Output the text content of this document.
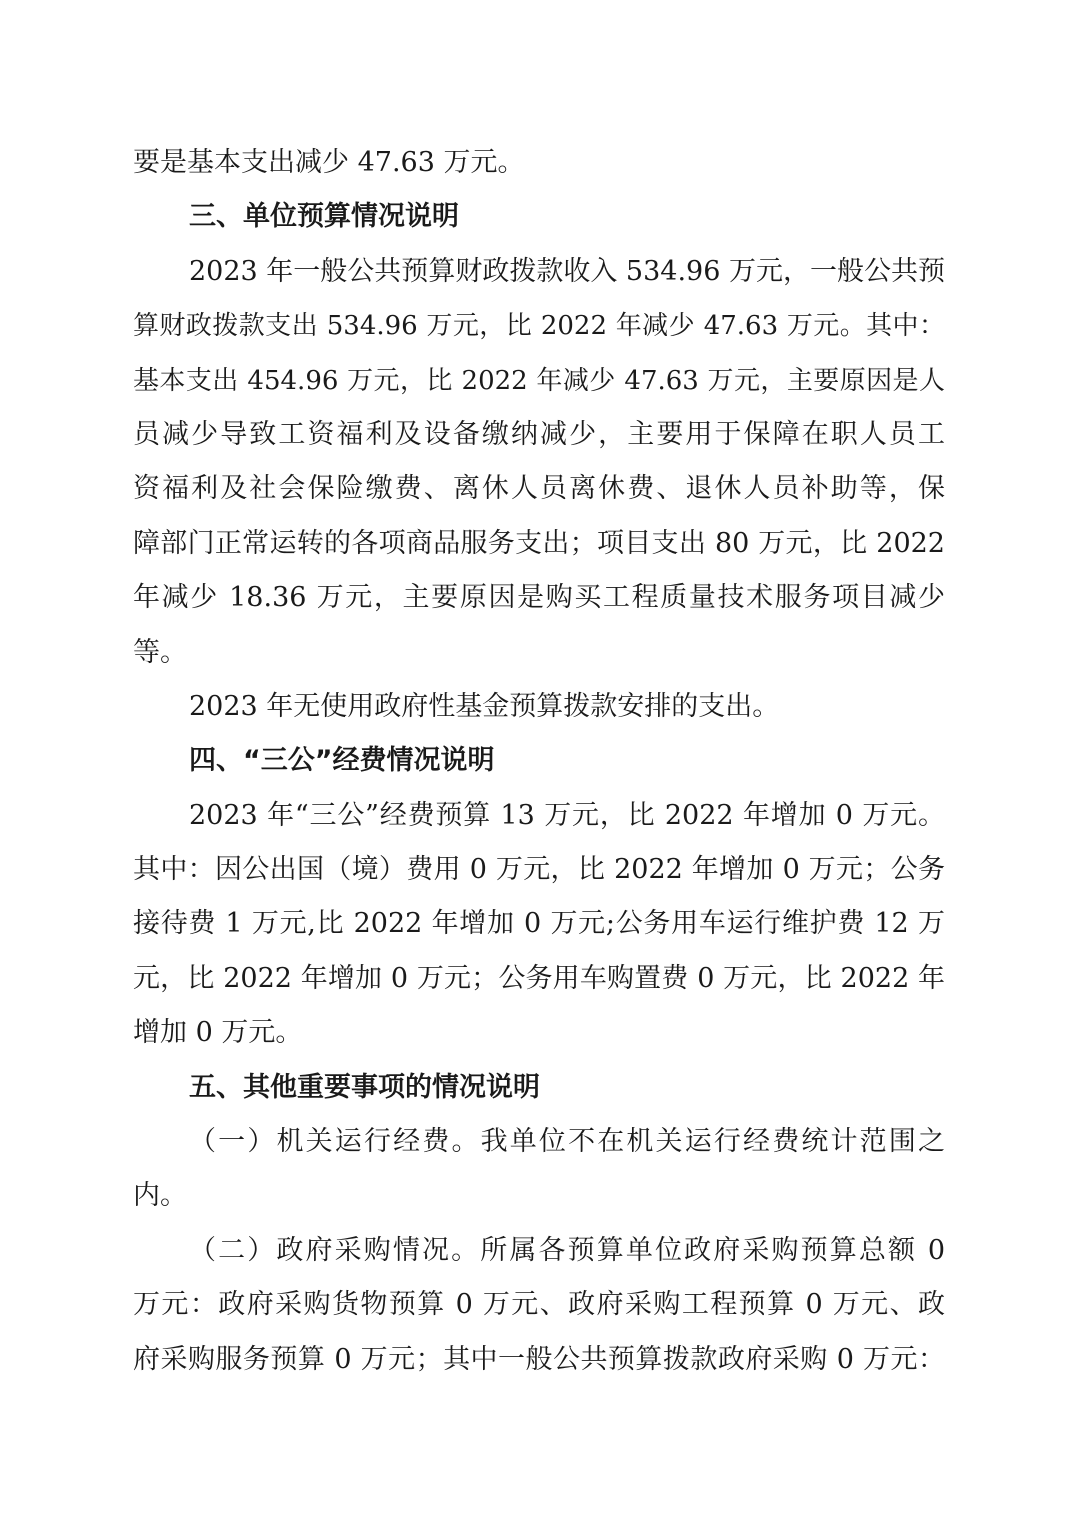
要是基本支出减少 47.63 万元。
三、单位预算情况说明
2023 年一般公共预算财政拨款收入 534.96 万元，一般公共预
算财政拨款支出 534.96 万元，比 2022 年减少 47.63 万元。其中：
基本支出 454.96 万元，比 2022 年减少 47.63 万元，主要原因是人
员减少导致工资福利及设备缴纳减少，主要用于保障在职人员工
资福利及社会保险缴费、离休人员离休费、退休人员补助等，保
障部门正常运转的各项商品服务支出；项目支出 80 万元，比 2022
年减少 18.36 万元，主要原因是购买工程质量技术服务项目减少
等。
2023 年无使用政府性基金预算拨款安排的支出。
四、“三公”经费情况说明
2023 年“三公”经费预算 13 万元，比 2022 年增加 0 万元。
其中：因公出国（境）费用 0 万元，比 2022 年增加 0 万元；公务
接待费 1 万元,比 2022 年增加 0 万元;公务用车运行维护费 12 万
元，比 2022 年增加 0 万元；公务用车购置费 0 万元，比 2022 年
增加 0 万元。
五、其他重要事项的情况说明
（一）机关运行经费。我单位不在机关运行经费统计范围之
内。
（二）政府采购情况。所属各预算单位政府采购预算总额 0
万元：政府采购货物预算 0 万元、政府采购工程预算 0 万元、政
府采购服务预算 0 万元；其中一般公共预算拨款政府采购 0 万元：
